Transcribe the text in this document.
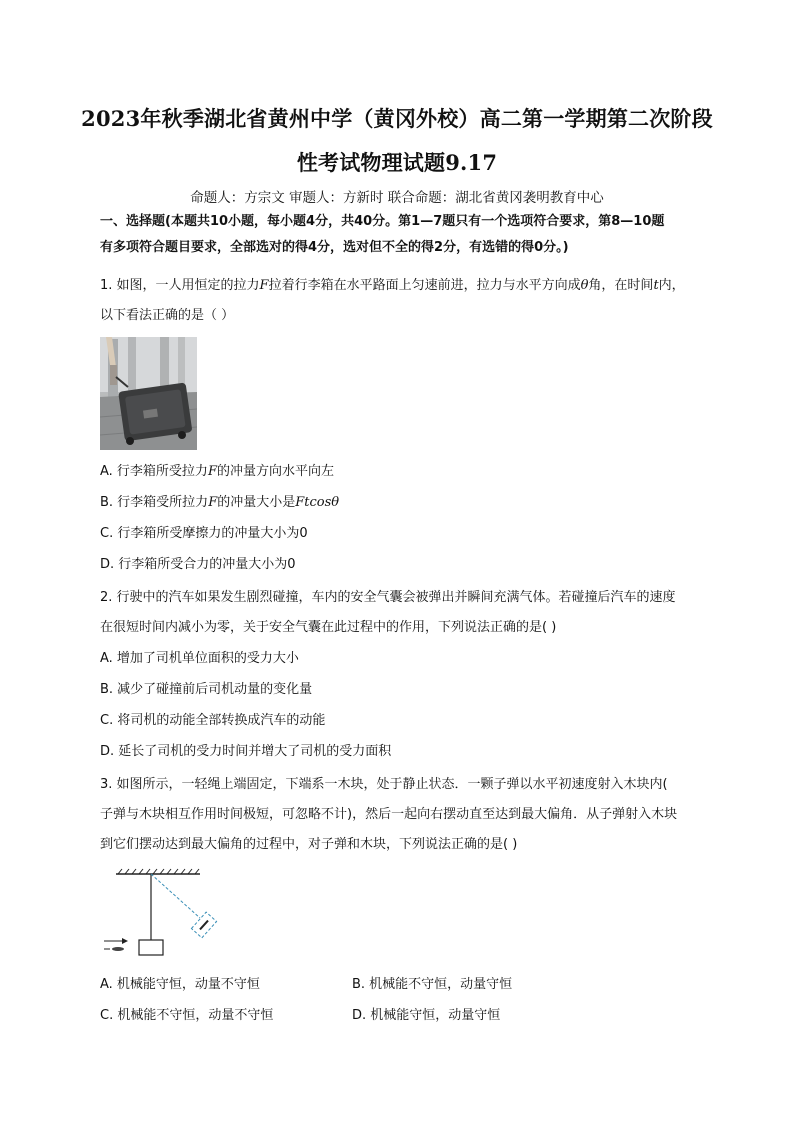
2023年秋季湖北省黄州中学（黄冈外校）高二第一学期第二次阶段
性考试物理试题9.17
命题人：方宗文 审题人：方新时 联合命题：湖北省黄冈袭明教育中心
一、选择题(本题共10小题，每小题4分，共40分。第1—7题只有一个选项符合要求，第8—10题
有多项符合题目要求，全部选对的得4分，选对但不全的得2分，有选错的得0分。)
1. 如图，一人用恒定的拉力F拉着行李箱在水平路面上匀速前进，拉力与水平方向成θ角，在时间t内，
以下看法正确的是（ ）
A. 行李箱所受拉力F的冲量方向水平向左
B. 行李箱受所拉力F的冲量大小是Ftcosθ
C. 行李箱所受摩擦力的冲量大小为0
D. 行李箱所受合力的冲量大小为0
2. 行驶中的汽车如果发生剧烈碰撞，车内的安全气囊会被弹出并瞬间充满气体。若碰撞后汽车的速度
在很短时间内减小为零，关于安全气囊在此过程中的作用，下列说法正确的是( )
A. 增加了司机单位面积的受力大小
B. 减少了碰撞前后司机动量的变化量
C. 将司机的动能全部转换成汽车的动能
D. 延长了司机的受力时间并增大了司机的受力面积
3. 如图所示，一轻绳上端固定，下端系一木块，处于静止状态．一颗子弹以水平初速度射入木块内(
子弹与木块相互作用时间极短，可忽略不计)，然后一起向右摆动直至达到最大偏角．从子弹射入木块
到它们摆动达到最大偏角的过程中，对子弹和木块，下列说法正确的是( )
A. 机械能守恒，动量不守恒	B. 机械能不守恒，动量守恒
C. 机械能不守恒，动量不守恒	D. 机械能守恒，动量守恒
